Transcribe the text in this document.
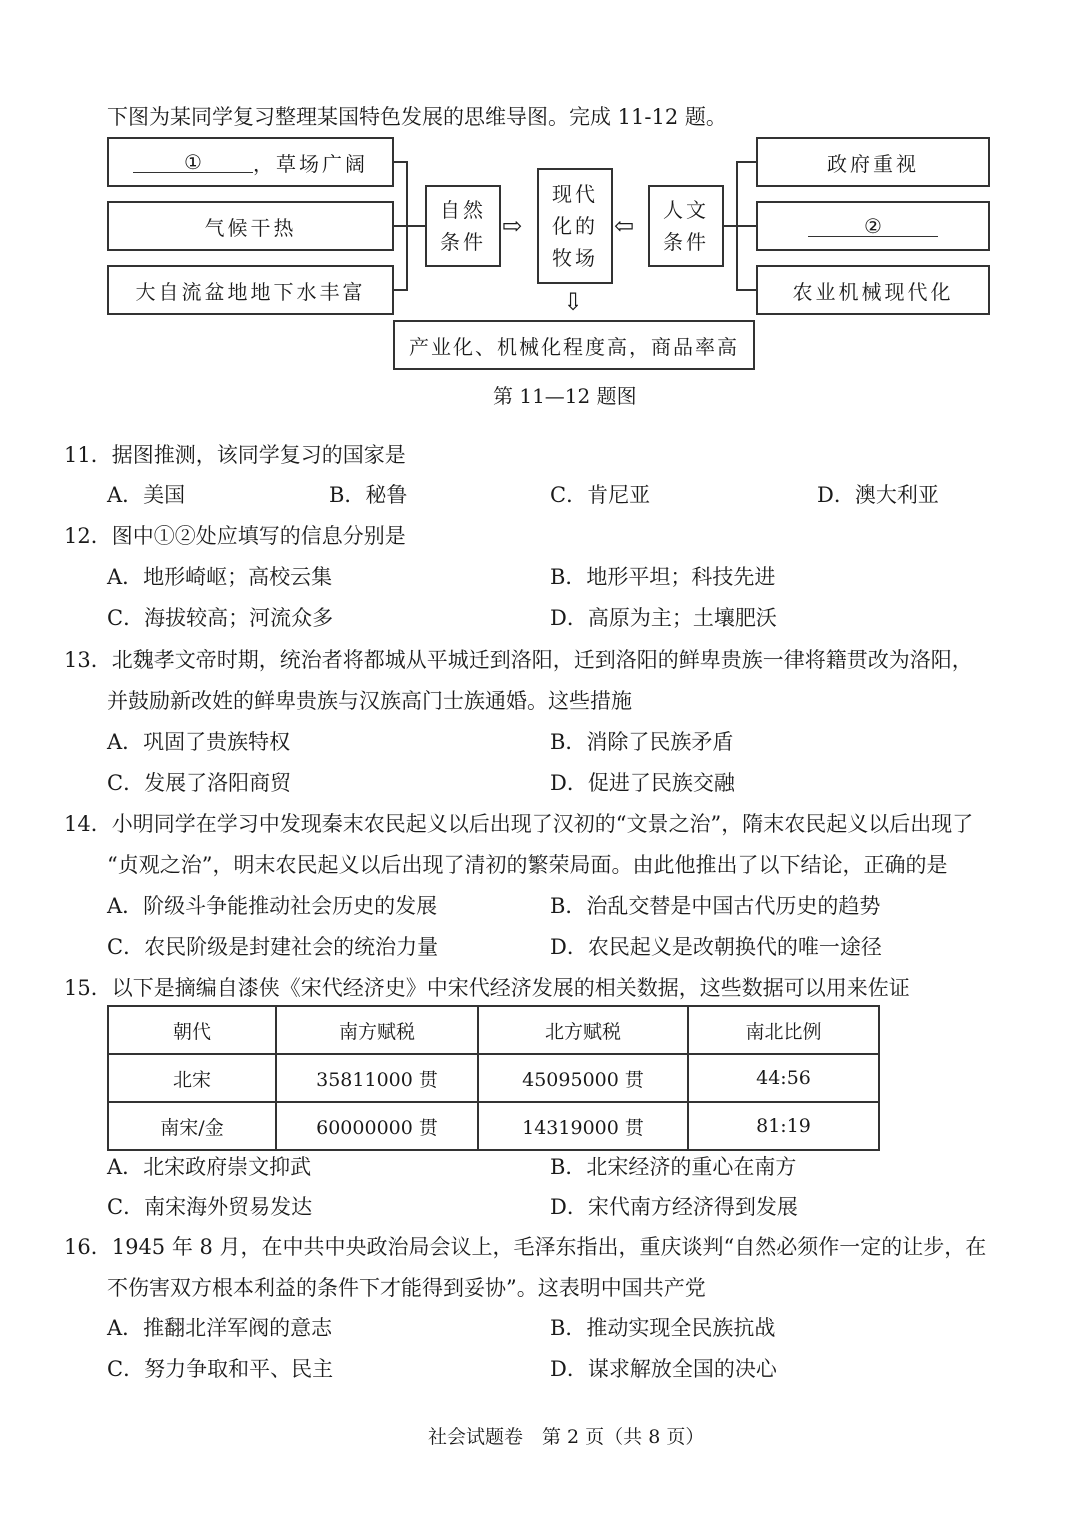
下图为某同学复习整理某国特色发展的思维导图。完成 11-12 题。
①	，草场广阔
气候干热
大自流盆地地下水丰富
自然
条件
⇨
现代
化的
牧场
⇦
人文
条件
政府重视
②
农业机械现代化
⇩
产业化、机械化程度高，商品率高
第 11—12 题图
11．据图推测，该同学复习的国家是
A．美国	B．秘鲁	C．肯尼亚	D．澳大利亚
12．图中①②处应填写的信息分别是
A．地形崎岖；高校云集	B．地形平坦；科技先进
C．海拔较高；河流众多	D．高原为主；土壤肥沃
13．北魏孝文帝时期，统治者将都城从平城迁到洛阳，迁到洛阳的鲜卑贵族一律将籍贯改为洛阳，
并鼓励新改姓的鲜卑贵族与汉族高门士族通婚。这些措施
A．巩固了贵族特权	B．消除了民族矛盾
C．发展了洛阳商贸	D．促进了民族交融
14．小明同学在学习中发现秦末农民起义以后出现了汉初的“文景之治”，隋末农民起义以后出现了
“贞观之治”，明末农民起义以后出现了清初的繁荣局面。由此他推出了以下结论，正确的是
A．阶级斗争能推动社会历史的发展	B．治乱交替是中国古代历史的趋势
C．农民阶级是封建社会的统治力量	D．农民起义是改朝换代的唯一途径
15．以下是摘编自漆侠《宋代经济史》中宋代经济发展的相关数据，这些数据可以用来佐证
朝代	南方赋税	北方赋税	南北比例
北宋	35811000 贯	45095000 贯	44:56
南宋/金	60000000 贯	14319000 贯	81:19
A．北宋政府崇文抑武	B．北宋经济的重心在南方
C．南宋海外贸易发达	D．宋代南方经济得到发展
16．1945 年 8 月，在中共中央政治局会议上，毛泽东指出，重庆谈判“自然必须作一定的让步，在
不伤害双方根本利益的条件下才能得到妥协”。这表明中国共产党
A．推翻北洋军阀的意志	B．推动实现全民族抗战
C．努力争取和平、民主	D．谋求解放全国的决心
社会试题卷　第 2 页（共 8 页）
